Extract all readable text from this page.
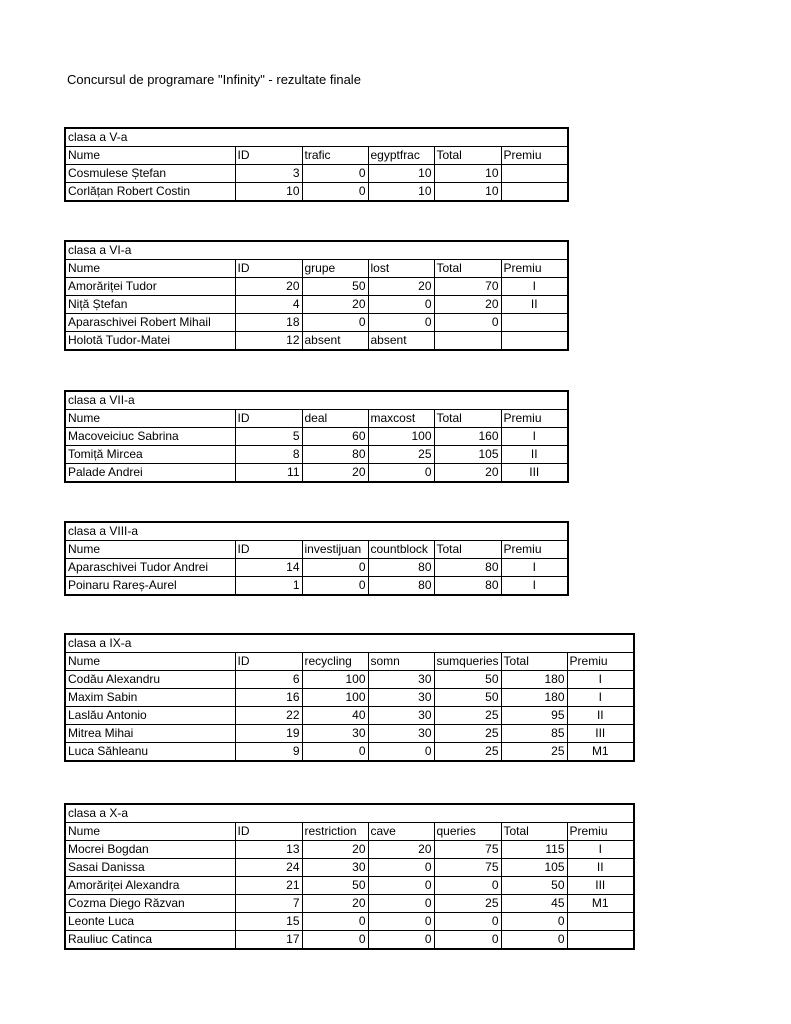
Concursul de programare "Infinity" - rezultate finale
clasa a V-a					
Nume	ID	trafic	egyptfrac	Total	Premiu
Cosmulese Ștefan	3	0	10	10	
Corlățan Robert Costin	10	0	10	10	
clasa a VI-a					
Nume	ID	grupe	lost	Total	Premiu
Amorăriței Tudor	20	50	20	70	I
Niță Ștefan	4	20	0	20	II
Aparaschivei Robert Mihail	18	0	0	0	
Holotă Tudor-Matei	12	absent	absent		
clasa a VII-a					
Nume	ID	deal	maxcost	Total	Premiu
Macoveiciuc Sabrina	5	60	100	160	I
Tomiță Mircea	8	80	25	105	II
Palade Andrei	11	20	0	20	III
clasa a VIII-a					
Nume	ID	investijuan	countblock	Total	Premiu
Aparaschivei Tudor Andrei	14	0	80	80	I
Poinaru Rareș-Aurel	1	0	80	80	I
clasa a IX-a						
Nume	ID	recycling	somn	sumqueries	Total	Premiu
Codău Alexandru	6	100	30	50	180	I
Maxim Sabin	16	100	30	50	180	I
Laslău Antonio	22	40	30	25	95	II
Mitrea Mihai	19	30	30	25	85	III
Luca Săhleanu	9	0	0	25	25	M1
clasa a X-a						
Nume	ID	restriction	cave	queries	Total	Premiu
Mocrei Bogdan	13	20	20	75	115	I
Sasai Danissa	24	30	0	75	105	II
Amorăriței Alexandra	21	50	0	0	50	III
Cozma Diego Răzvan	7	20	0	25	45	M1
Leonte Luca	15	0	0	0	0	
Rauliuc Catinca	17	0	0	0	0	
